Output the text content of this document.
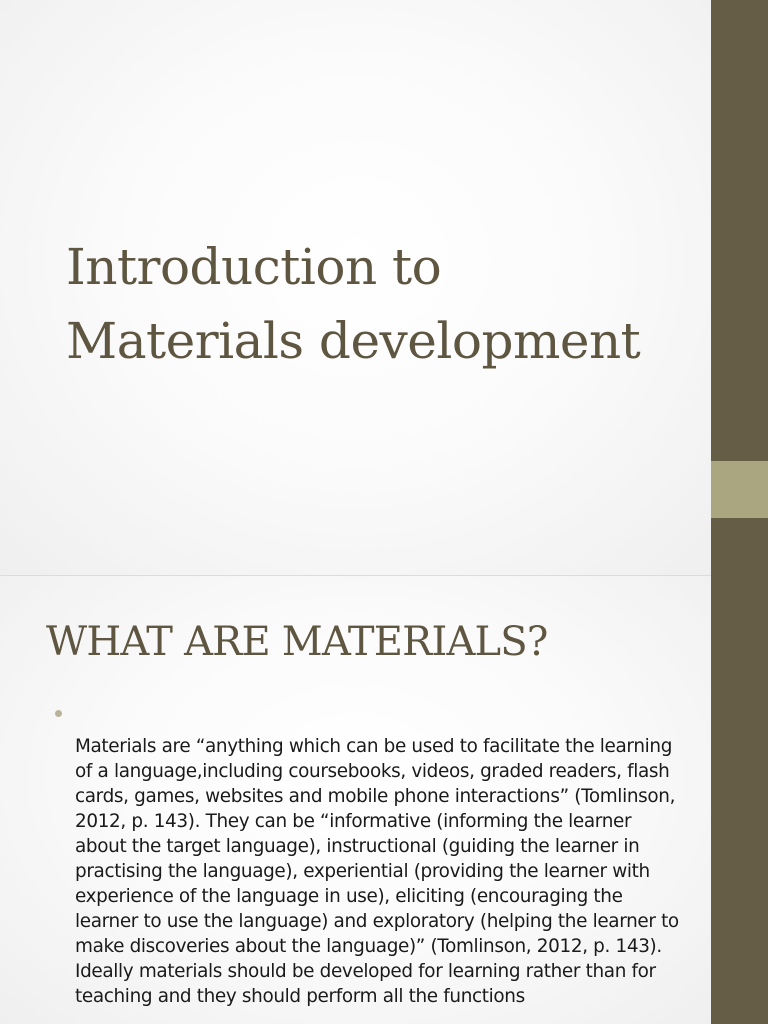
Introduction to
Materials development
WHAT ARE MATERIALS?
Materials are “anything which can be used to facilitate the learning of a language,including coursebooks, videos, graded readers, flash cards, games, websites and mobile phone interactions” (Tomlinson, 2012, p. 143). They can be “informative (informing the learner about the target language), instructional (guiding the learner in practising the language), experiential (providing the learner with experience of the language in use), eliciting (encouraging the learner to use the language) and exploratory (helping the learner to make discoveries about the language)” (Tomlinson, 2012, p. 143). Ideally materials should be developed for learning rather than for teaching and they should perform all the functions
